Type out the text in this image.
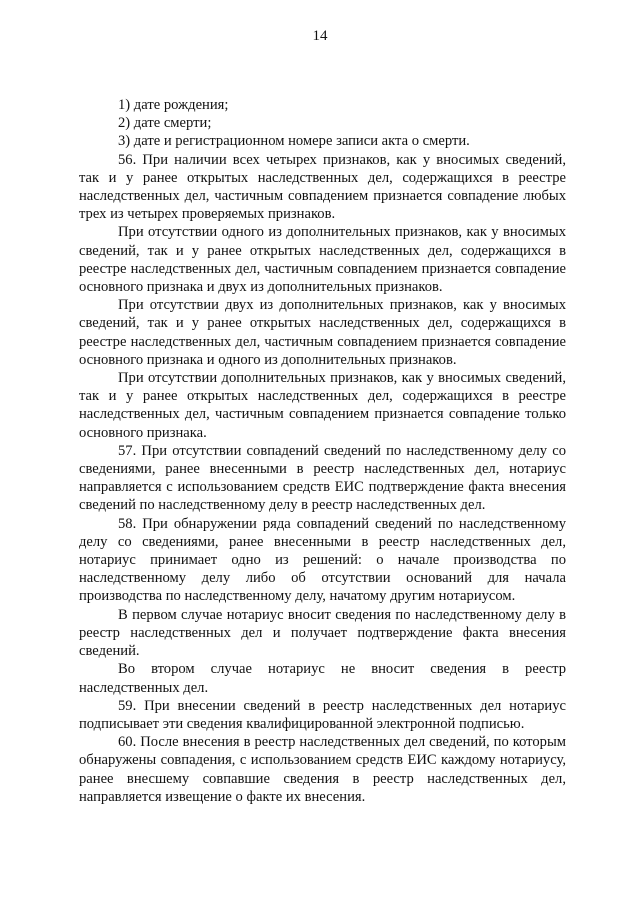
14

1) дате рождения;

2) дате смерти;

3) дате и регистрационном номере записи акта о смерти.

56. При наличии всех четырех признаков, как у вносимых сведений, так и у ранее открытых наследственных дел, содержащихся в реестре наследственных дел, частичным совпадением признается совпадение любых трех из четырех проверяемых признаков.

При отсутствии одного из дополнительных признаков, как у вносимых сведений, так и у ранее открытых наследственных дел, содержащихся в реестре наследственных дел, частичным совпадением признается совпадение основного признака и двух из дополнительных признаков.

При отсутствии двух из дополнительных признаков, как у вносимых сведений, так и у ранее открытых наследственных дел, содержащихся в реестре наследственных дел, частичным совпадением признается совпадение основного признака и одного из дополнительных признаков.

При отсутствии дополнительных признаков, как у вносимых сведений, так и у ранее открытых наследственных дел, содержащихся в реестре наследственных дел, частичным совпадением признается совпадение только основного признака.

57. При отсутствии совпадений сведений по наследственному делу со сведениями, ранее внесенными в реестр наследственных дел, нотариус направляется с использованием средств ЕИС подтверждение факта внесения сведений по наследственному делу в реестр наследственных дел.

58. При обнаружении ряда совпадений сведений по наследственному делу со сведениями, ранее внесенными в реестр наследственных дел, нотариус принимает одно из решений: о начале производства по наследственному делу либо об отсутствии оснований для начала производства по наследственному делу, начатому другим нотариусом.

В первом случае нотариус вносит сведения по наследственному делу в реестр наследственных дел и получает подтверждение факта внесения сведений.

Во втором случае нотариус не вносит сведения в реестр наследственных дел.

59. При внесении сведений в реестр наследственных дел нотариус подписывает эти сведения квалифицированной электронной подписью.

60. После внесения в реестр наследственных дел сведений, по которым обнаружены совпадения, с использованием средств ЕИС каждому нотариусу, ранее внесшему совпавшие сведения в реестр наследственных дел, направляется извещение о факте их внесения.
